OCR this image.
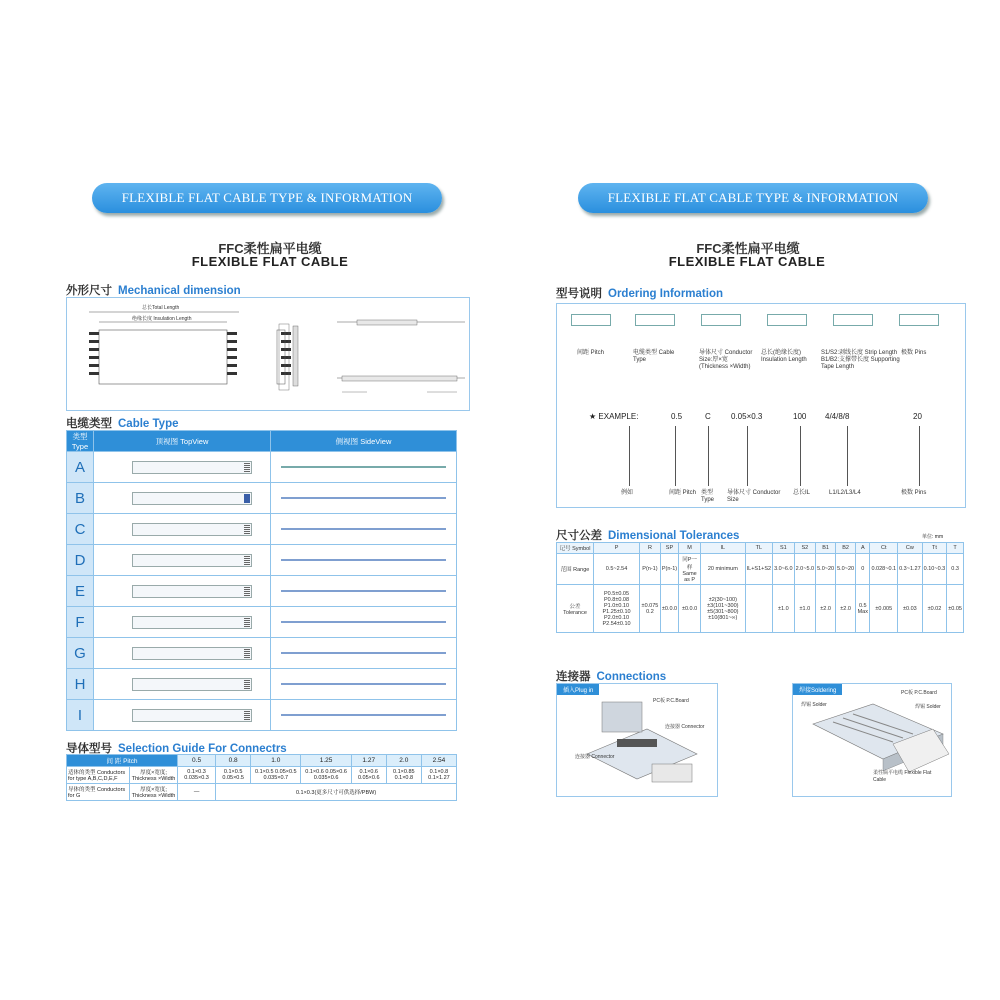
FLEXIBLE FLAT CABLE TYPE & INFORMATION
FFC柔性扁平电缆
FLEXIBLE FLAT CABLE
外形尺寸 Mechanical dimension
总长Total Length
绝缘长度 Insulation Length
电缆类型 Cable Type
类型Type	顶视图 TopView	侧视图 SideView
A	

B	

C	

D	

E	

F	

G	

H	

I	

导体型号 Selection Guide For Connectrs
间 距 Pitch		0.5	0.8	1.0	1.25	1.27	2.0	2.54
适体的类型 Conductors for type A,B,C,D,E,F	厚度×宽度; Thickness ×Width	0.1×0.3 0.035×0.3	0.1×0.5 0.05×0.5	0.1×0.5 0.05×0.5 0.035×0.7	0.1×0.6 0.05×0.6 0.035×0.6	0.1×0.6 0.05×0.6	0.1×0.85 0.1×0.8	0.1×0.8 0.1×1.27
导体的类型 Conductors for G	厚度×宽度; Thickness ×Width	—	0.1×0.3(更多尺寸可供选择/PBW)					
FLEXIBLE FLAT CABLE TYPE & INFORMATION
FFC柔性扁平电缆
FLEXIBLE FLAT CABLE
型号说明 Ordering Information
间距 Pitch	电缆类型 Cable Type
导体尺寸 Conductor Size:厚×宽 (Thickness ×Width)
总长(绝缘长度) Insulation Length
S1/S2:剥线长度 Strip Length B1/B2:支撑带长度 Supporting Tape Length
极数 Pins
★ EXAMPLE:	0.5	C	0.05×0.3	100 4/4/8/8	20
例如	间距 Pitch 类型 Type
导体尺寸 Conductor Size
总长IL	L1/L2/L3/L4	极数 Pins
尺寸公差 Dimensional Tolerances	单位: mm
记号 Symbol	P	R	SP	M	IL	TL	S1	S2	B1	B2	A	Ct	Cw	Tt	T
范围 Range	0.5~2.54	P(n-1)	P(n-1)	同P一样 Same as P	20 minimum	IL+S1+S2	3.0~6.0	2.0~5.0	5.0~20	5.0~20	0	0.028~0.1	0.3~1.27	0.10~0.3	0.3
公差 Tolerance	P0.5±0.05 P0.8±0.08 P1.0±0.10 P1.25±0.10 P2.0±0.10 P2.54±0.10	±0.075 0.2	±0.0.0	±0.0.0	±2(30~100) ±3(101~300) ±5(301~800) ±10(801~∞)		±1.0	±1.0	±2.0	±2.0	0.5 Max	±0.005	±0.03	±0.02	±0.05
连接器 Connections
插入Plug in
PC板 P.C.Board
连接器 Connector
连接器 Connector
焊接Soldering	PC板 P.C.Board
焊锡 Solder	焊锡 Solder
柔性扁平电缆 Flexible Flat Cable
